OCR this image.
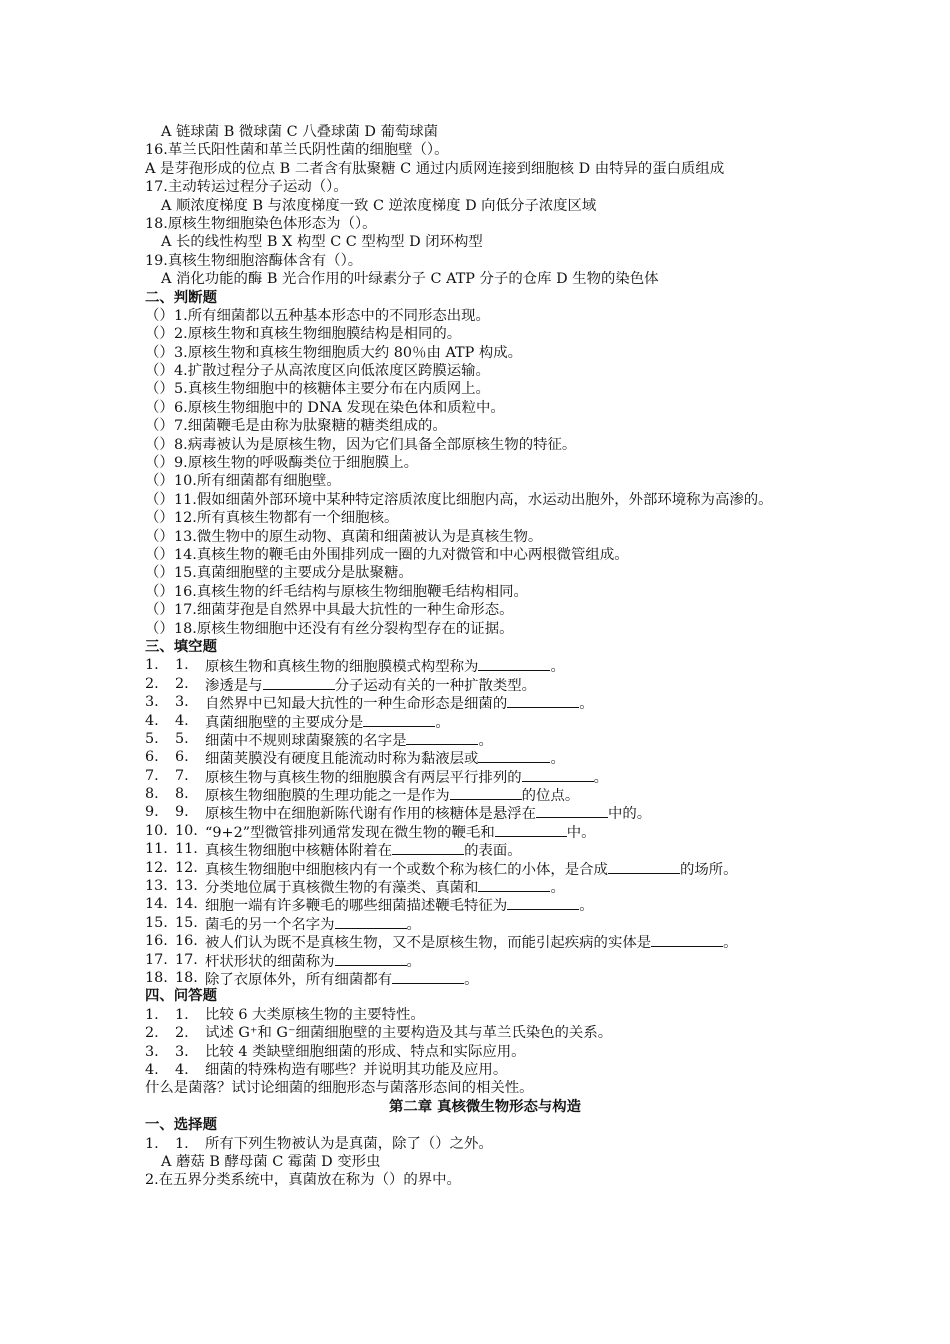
A 链球菌 B 微球菌 C 八叠球菌 D 葡萄球菌
16.革兰氏阳性菌和革兰氏阴性菌的细胞壁（）。
A 是芽孢形成的位点 B 二者含有肽聚糖 C 通过内质网连接到细胞核 D 由特异的蛋白质组成
17.主动转运过程分子运动（）。
A 顺浓度梯度 B 与浓度梯度一致 C 逆浓度梯度 D 向低分子浓度区域
18.原核生物细胞染色体形态为（）。
A 长的线性构型 B X 构型 C C 型构型 D 闭环构型
19.真核生物细胞溶酶体含有（）。
A 消化功能的酶 B 光合作用的叶绿素分子 C ATP 分子的仓库 D 生物的染色体
二、判断题
（） 1.所有细菌都以五种基本形态中的不同形态出现。
（） 2.原核生物和真核生物细胞膜结构是相同的。
（） 3.原核生物和真核生物细胞质大约 80％由 ATP 构成。
（） 4.扩散过程分子从高浓度区向低浓度区跨膜运输。
（） 5.真核生物细胞中的核糖体主要分布在内质网上。
（） 6.原核生物细胞中的 DNA 发现在染色体和质粒中。
（） 7.细菌鞭毛是由称为肽聚糖的糖类组成的。
（） 8.病毒被认为是原核生物，因为它们具备全部原核生物的特征。
（） 9.原核生物的呼吸酶类位于细胞膜上。
（） 10.所有细菌都有细胞壁。
（） 11.假如细菌外部环境中某种特定溶质浓度比细胞内高，水运动出胞外，外部环境称为高渗的。
（） 12.所有真核生物都有一个细胞核。
（） 13.微生物中的原生动物、真菌和细菌被认为是真核生物。
（） 14.真核生物的鞭毛由外围排列成一圈的九对微管和中心两根微管组成。
（） 15.真菌细胞壁的主要成分是肽聚糖。
（） 16.真核生物的纤毛结构与原核生物细胞鞭毛结构相同。
（） 17.细菌芽孢是自然界中具最大抗性的一种生命形态。
（） 18.原核生物细胞中还没有有丝分裂构型存在的证据。
三、填空题
1.	1.	原核生物和真核生物的细胞膜模式构型称为	。
2.	2.	渗透是与	分子运动有关的一种扩散类型。
3.	3.	自然界中已知最大抗性的一种生命形态是细菌的	。
4.	4.	真菌细胞壁的主要成分是	。
5.	5.	细菌中不规则球菌聚簇的名字是	。
6.	6.	细菌荚膜没有硬度且能流动时称为黏液层或	。
7.	7.	原核生物与真核生物的细胞膜含有两层平行排列的	。
8.	8.	原核生物细胞膜的生理功能之一是作为	的位点。
9.	9.	原核生物中在细胞新陈代谢有作用的核糖体是悬浮在	中的。
10. 10. “9+2”型微管排列通常发现在微生物的鞭毛和	中。
11. 11. 真核生物细胞中核糖体附着在	的表面。
12. 12. 真核生物细胞中细胞核内有一个或数个称为核仁的小体，是合成	的场所。
13. 13. 分类地位属于真核微生物的有藻类、真菌和	。
14. 14. 细胞一端有许多鞭毛的哪些细菌描述鞭毛特征为	。
15. 15. 菌毛的另一个名字为	。
16. 16. 被人们认为既不是真核生物，又不是原核生物，而能引起疾病的实体是	。
17. 17. 杆状形状的细菌称为	。
18. 18. 除了衣原体外，所有细菌都有	。
四、问答题
1.	1.	比较 6 大类原核生物的主要特性。
2.	2.	试述 G⁺和 G⁻细菌细胞壁的主要构造及其与革兰氏染色的关系。
3.	3.	比较 4 类缺壁细胞细菌的形成、特点和实际应用。
4.	4.	细菌的特殊构造有哪些？并说明其功能及应用。
什么是菌落？试讨论细菌的细胞形态与菌落形态间的相关性。
第二章 真核微生物形态与构造
一、选择题
1.	1.	所有下列生物被认为是真菌，除了（）之外。
A 蘑菇 B 酵母菌 C 霉菌 D 变形虫
2.在五界分类系统中，真菌放在称为（）的界中。
